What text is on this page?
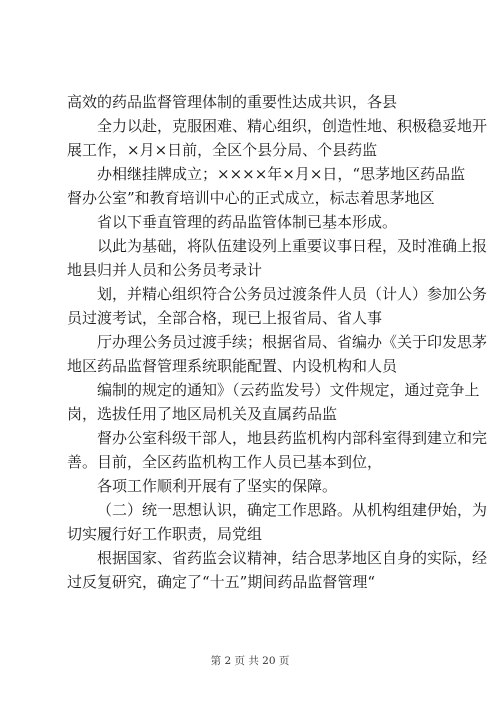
高效的药品监督管理体制的重要性达成共识，各县
全力以赴，克服困难、精心组织，创造性地、积极稳妥地开
展工作，×月×日前，全区个县分局、个县药监
办相继挂牌成立；××××年×月×日，“思茅地区药品监
督办公室”和教育培训中心的正式成立，标志着思茅地区
省以下垂直管理的药品监管体制已基本形成。
以此为基础，将队伍建设列上重要议事日程，及时准确上报
地县归并人员和公务员考录计
划，并精心组织符合公务员过渡条件人员（计人）参加公务
员过渡考试，全部合格，现已上报省局、省人事
厅办理公务员过渡手续；根据省局、省编办《关于印发思茅
地区药品监督管理系统职能配置、内设机构和人员
编制的规定的通知》（云药监发号）文件规定，通过竞争上
岗，选拔任用了地区局机关及直属药品监
督办公室科级干部人，地县药监机构内部科室得到建立和完
善。目前，全区药监机构工作人员已基本到位，
各项工作顺利开展有了坚实的保障。
（二）统一思想认识，确定工作思路。从机构组建伊始，为
切实履行好工作职责，局党组
根据国家、省药监会议精神，结合思茅地区自身的实际，经
过反复研究，确定了“十五”期间药品监督管理“
第 2 页 共 20 页
